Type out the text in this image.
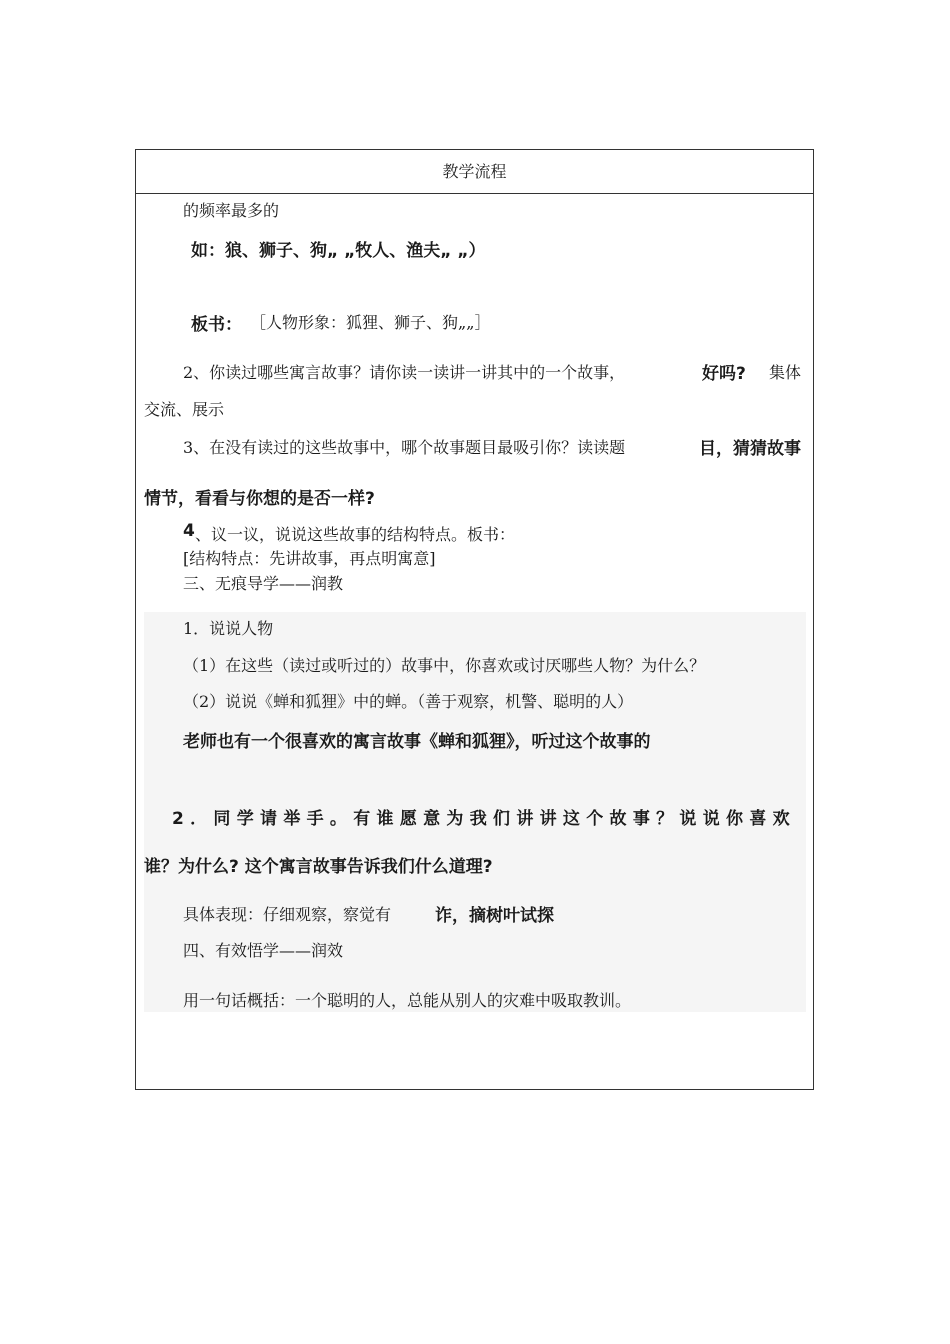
教学流程
的频率最多的
如：狼、狮子、狗„ „牧人、渔夫„ „）
板书： ［人物形象：狐狸、狮子、狗„„］
2、你读过哪些寓言故事？请你读一读讲一讲其中的一个故事，	好吗? 集体
交流、展示
3、在没有读过的这些故事中，哪个故事题目最吸引你？读读题	目，猜猜故事
情节，看看与你想的是否一样?
4 、议一议，说说这些故事的结构特点。板书：
[结构特点：先讲故事，再点明寓意]
三、无痕导学——润教
1．说说人物
（1）在这些（读过或听过的）故事中，你喜欢或讨厌哪些人物？为什么？
（2）说说《蝉和狐狸》中的蝉。（善于观察，机警、聪明的人）
老师也有一个很喜欢的寓言故事《蝉和狐狸》，听过这个故事的
2．同学请举手。有谁愿意为我们讲讲这个故事？说说你喜欢
谁？为什么? 这个寓言故事告诉我们什么道理?
具体表现：仔细观察，察觉有	诈，摘树叶试探
四、有效悟学——润效
用一句话概括：一个聪明的人，总能从别人的灾难中吸取教训。
